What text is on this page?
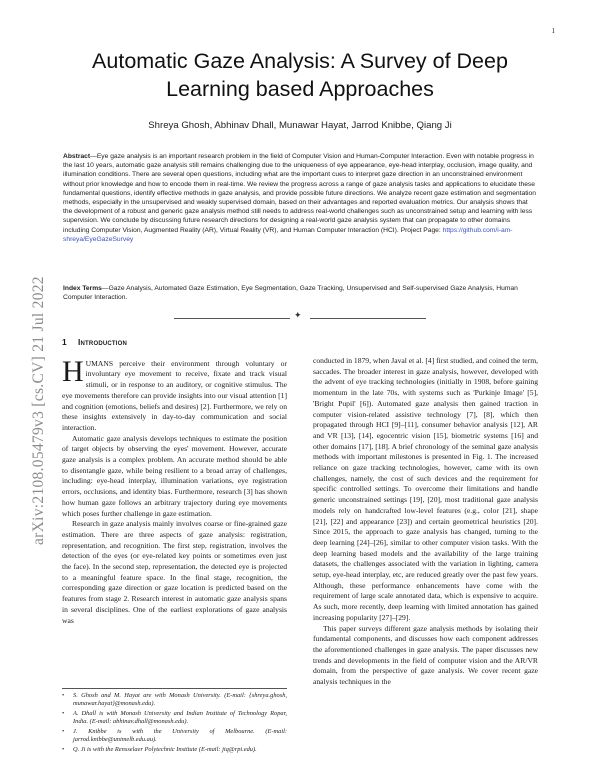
1
arXiv:2108.05479v3 [cs.CV] 21 Jul 2022
Automatic Gaze Analysis: A Survey of Deep
Learning based Approaches
Shreya Ghosh, Abhinav Dhall, Munawar Hayat, Jarrod Knibbe, Qiang Ji
Abstract—Eye gaze analysis is an important research problem in the field of Computer Vision and Human-Computer Interaction. Even with notable progress in the last 10 years, automatic gaze analysis still remains challenging due to the uniqueness of eye appearance, eye-head interplay, occlusion, image quality, and illumination conditions. There are several open questions, including what are the important cues to interpret gaze direction in an unconstrained environment without prior knowledge and how to encode them in real-time. We review the progress across a range of gaze analysis tasks and applications to elucidate these fundamental questions, identify effective methods in gaze analysis, and provide possible future directions. We analyze recent gaze estimation and segmentation methods, especially in the unsupervised and weakly supervised domain, based on their advantages and reported evaluation metrics. Our analysis shows that the development of a robust and generic gaze analysis method still needs to address real-world challenges such as unconstrained setup and learning with less supervision. We conclude by discussing future research directions for designing a real-world gaze analysis system that can propagate to other domains including Computer Vision, Augmented Reality (AR), Virtual Reality (VR), and Human Computer Interaction (HCI). Project Page: https://github.com/i-am-shreya/EyeGazeSurvey
Index Terms—Gaze Analysis, Automated Gaze Estimation, Eye Segmentation, Gaze Tracking, Unsupervised and Self-supervised Gaze Analysis, Human Computer Interaction.
✦
1 Introduction

HUMANS perceive their environment through voluntary or involuntary eye movement to receive, fixate and track visual stimuli, or in response to an auditory, or cognitive stimulus. The eye movements therefore can provide insights into our visual attention [1] and cognition (emotions, beliefs and desires) [2]. Furthermore, we rely on these insights extensively in day-to-day communication and social interaction.

Automatic gaze analysis develops techniques to estimate the position of target objects by observing the eyes' movement. However, accurate gaze analysis is a complex problem. An accurate method should be able to disentangle gaze, while being resilient to a broad array of challenges, including: eye-head interplay, illumination variations, eye registration errors, occlusions, and identity bias. Furthermore, research [3] has shown how human gaze follows an arbitrary trajectory during eye movements which poses further challenge in gaze estimation.

Research in gaze analysis mainly involves coarse or fine-grained gaze estimation. There are three aspects of gaze analysis: registration, representation, and recognition. The first step, registration, involves the detection of the eyes (or eye-related key points or sometimes even just the face). In the second step, representation, the detected eye is projected to a meaningful feature space. In the final stage, recognition, the corresponding gaze direction or gaze location is predicted based on the features from stage 2. Research interest in automatic gaze analysis spans in several disciplines. One of the earliest explorations of gaze analysis was

• S. Ghosh and M. Hayat are with Monash University. (E-mail: {shreya.ghosh, munawar.hayat}@monash.edu).
• A. Dhall is with Monash University and Indian Institute of Technology Ropar, India. (E-mail: abhinav.dhall@monash.edu).
• J. Knibbe is with the University of Melbourne. (E-mail: jarrod.knibbe@unimelb.edu.au).
• Q. Ji is with the Rensselaer Polytechnic Institute (E-mail: jiq@rpi.edu).

conducted in 1879, when Javal et al. [4] first studied, and coined the term, saccades. The broader interest in gaze analysis, however, developed with the advent of eye tracking technologies (initially in 1908, before gaining momentum in the late 70s, with systems such as 'Purkinje Image' [5], 'Bright Pupil' [6]). Automated gaze analysis then gained traction in computer vision-related assistive technology [7], [8], which then propagated through HCI [9]–[11], consumer behavior analysis [12], AR and VR [13], [14], egocentric vision [15], biometric systems [16] and other domains [17], [18]. A brief chronology of the seminal gaze analysis methods with important milestones is presented in Fig. 1. The increased reliance on gaze tracking technologies, however, came with its own challenges, namely, the cost of such devices and the requirement for specific controlled settings. To overcome their limitations and handle generic unconstrained settings [19], [20], most traditional gaze analysis models rely on handcrafted low-level features (e.g., color [21], shape [21], [22] and appearance [23]) and certain geometrical heuristics [20]. Since 2015, the approach to gaze analysis has changed, turning to the deep learning [24]–[26], similar to other computer vision tasks. With the deep learning based models and the availability of the large training datasets, the challenges associated with the variation in lighting, camera setup, eye-head interplay, etc, are reduced greatly over the past few years. Although, these performance enhancements have come with the requirement of large scale annotated data, which is expensive to acquire. As such, more recently, deep learning with limited annotation has gained increasing popularity [27]–[29].

This paper surveys different gaze analysis methods by isolating their fundamental components, and discusses how each component addresses the aforementioned challenges in gaze analysis. The paper discusses new trends and developments in the field of computer vision and the AR/VR domain, from the perspective of gaze analysis. We cover recent gaze analysis techniques in the
